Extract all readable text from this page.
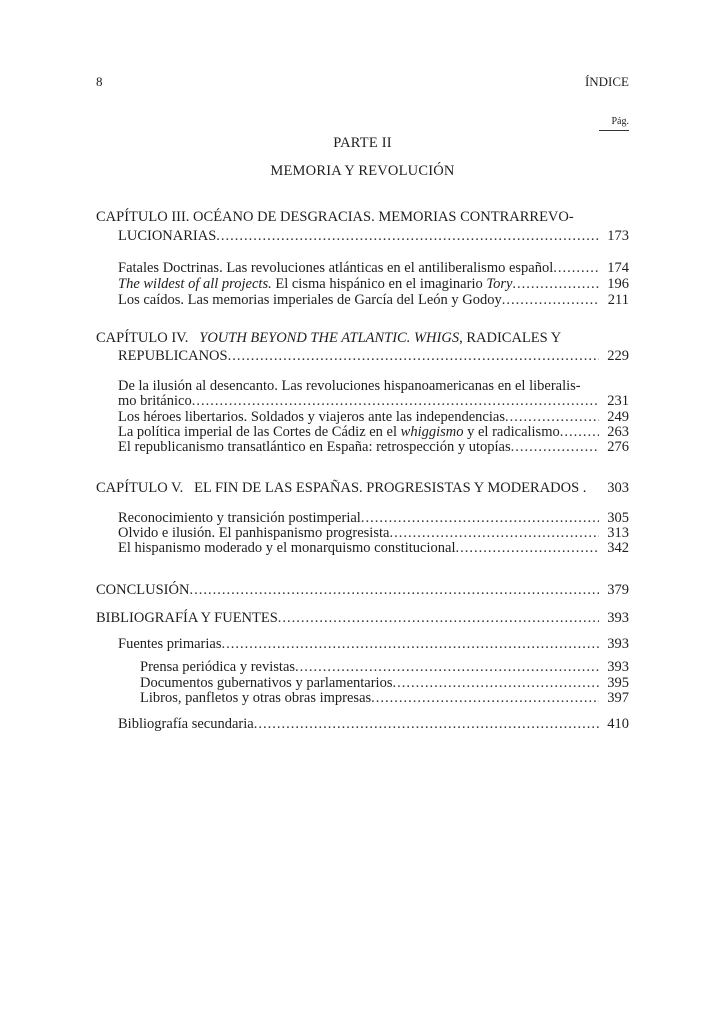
8	ÍNDICE
Pág.
PARTE II
MEMORIA Y REVOLUCIÓN
CAPÍTULO III. OCÉANO DE DESGRACIAS. MEMORIAS CONTRARREVO-
LUCIONARIAS .....	173
Fatales Doctrinas. Las revoluciones atlánticas en el antiliberalismo español .....	174
The wildest of all projects. El cisma hispánico en el imaginario Tory .....	196
Los caídos. Las memorias imperiales de García del León y Godoy .....	211
CAPÍTULO IV.   YOUTH BEYOND THE ATLANTIC. WHIGS, RADICALES Y
REPUBLICANOS .....	229
De la ilusión al desencanto. Las revoluciones hispanoamericanas en el liberalis-
mo británico .....	231
Los héroes libertarios. Soldados y viajeros ante las independencias .....	249
La política imperial de las Cortes de Cádiz en el whiggismo y el radicalismo .....	263
El republicanismo transatlántico en España: retrospección y utopías .....	276
CAPÍTULO V.   EL FIN DE LAS ESPAÑAS. PROGRESISTAS Y MODERADOS .	303
Reconocimiento y transición postimperial .....	305
Olvido e ilusión. El panhispanismo progresista .....	313
El hispanismo moderado y el monarquismo constitucional .....	342
CONCLUSIÓN .....	379
BIBLIOGRAFÍA Y FUENTES .....	393
Fuentes primarias .....	393
Prensa periódica y revistas .....	393
Documentos gubernativos y parlamentarios .....	395
Libros, panfletos y otras obras impresas .....	397
Bibliografía secundaria .....	410
